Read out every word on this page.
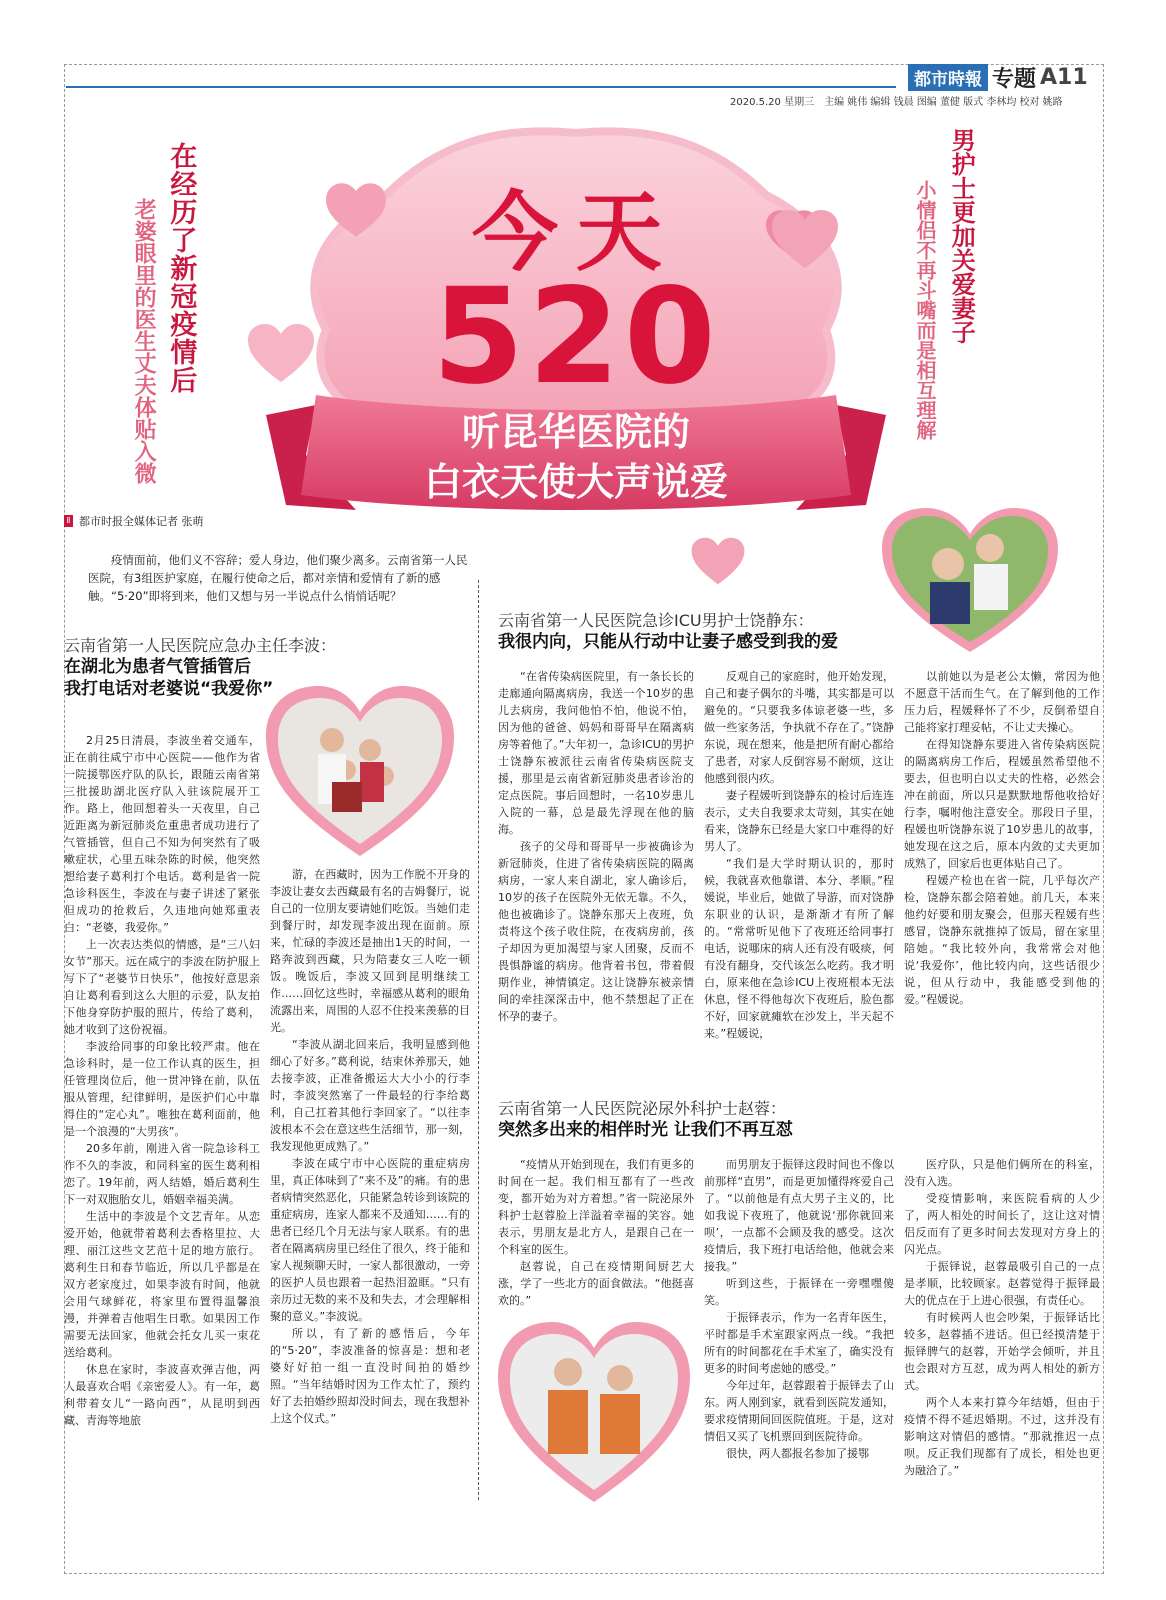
都市時報 专题 A11
2020.5.20 星期三　主编 姚伟 编辑 钱晨 图编 董健 版式 李林均 校对 姚路
在经历了新冠疫情后
老婆眼里的医生丈夫体贴入微	男护士更加关爱妻子
小情侣不再斗嘴而是相互理解
今天
520
听昆华医院的
白衣天使大声说爱
Ⅱ 都市时报全媒体记者 张萌
疫情面前，他们义不容辞；爱人身边，他们聚少离多。云南省第一人民医院，有3组医护家庭，在履行使命之后，都对亲情和爱情有了新的感触。“5·20”即将到来，他们又想与另一半说点什么悄悄话呢？
云南省第一人民医院应急办主任李波：
在湖北为患者气管插管后
我打电话对老婆说“我爱你”

2月25日清晨，李波坐着交通车，正在前往咸宁市中心医院——他作为省一院援鄂医疗队的队长，跟随云南省第三批援助湖北医疗队入驻该院展开工作。路上，他回想着头一天夜里，自己近距离为新冠肺炎危重患者成功进行了气管插管，但自己不知为何突然有了吸嗽症状，心里五味杂陈的时候，他突然想给妻子葛利打个电话。葛利是省一院急诊科医生，李波在与妻子讲述了紧张但成功的抢救后，久违地向她郑重表白：“老婆，我爱你。”

上一次表达类似的情感，是“三八妇女节”那天。远在咸宁的李波在防护服上写下了“老婆节日快乐”，他按好意思亲自让葛利看到这么大胆的示爱，队友拍下他身穿防护服的照片，传给了葛利，她才收到了这份祝福。

李波给同事的印象比较严肃。他在急诊科时，是一位工作认真的医生，担任管理岗位后，他一贯冲锋在前，队伍服从管理，纪律鲜明，是医护们心中靠得住的“定心丸”。唯独在葛利面前，他是一个浪漫的“大男孩”。

20多年前，刚进入省一院急诊科工作不久的李波，和同科室的医生葛利相恋了。19年前，两人结婚，婚后葛利生下一对双胞胎女儿，婚姻幸福美满。

生活中的李波是个文艺青年。从恋爱开始，他就带着葛利去香格里拉、大理、丽江这些文艺范十足的地方旅行。葛利生日和春节临近，所以几乎都是在双方老家度过，如果李波有时间，他就会用气球鲜花，将家里布置得温馨浪漫，并弹着吉他唱生日歌。如果因工作需要无法回家，他就会托女儿买一束花送给葛利。

休息在家时，李波喜欢弹吉他，两人最喜欢合唱《亲密爱人》。有一年，葛利带着女儿“一路向西”，从昆明到西藏、青海等地旅

游，在西藏时，因为工作脱不开身的李波让妻女去西藏最有名的吉姆餐厅，说自己的一位朋友要请她们吃饭。当她们走到餐厅时，却发现李波出现在面前。原来，忙碌的李波还是抽出1天的时间，一路奔波到西藏，只为陪妻女三人吃一顿饭。晚饭后，李波又回到昆明继续工作……回忆这些时，幸福感从葛利的眼角流露出来，周围的人忍不住投来羡慕的目光。

“李波从湖北回来后，我明显感到他细心了好多。”葛利说，结束休养那天，她去接李波，正准备搬运大大小小的行李时，李波突然塞了一件最轻的行李给葛利，自己扛着其他行李回家了。“以往李波根本不会在意这些生活细节，那一刻，我发现他更成熟了。”

李波在咸宁市中心医院的重症病房里，真正体味到了“来不及”的痛。有的患者病情突然恶化，只能紧急转诊到该院的重症病房，连家人都来不及通知……有的患者已经几个月无法与家人联系。有的患者在隔离病房里已经住了很久，终于能和家人视频聊天时，一家人都很激动，一旁的医护人员也跟着一起热泪盈眶。“只有亲历过无数的来不及和失去，才会理解相聚的意义。”李波说。

所以，有了新的感悟后，今年的“5·20”，李波准备的惊喜是：想和老婆好好拍一组一直没时间拍的婚纱照。“当年结婚时因为工作太忙了，预约好了去拍婚纱照却没时间去，现在我想补上这个仪式。”

云南省第一人民医院急诊ICU男护士饶静东：
我很内向，只能从行动中让妻子感受到我的爱

“在省传染病医院里，有一条长长的走廊通向隔离病房，我送一个10岁的患儿去病房，我问他怕不怕，他说不怕，因为他的爸爸、妈妈和哥哥早在隔离病房等着他了。”大年初一，急诊ICU的男护士饶静东被派往云南省传染病医院支援，那里是云南省新冠肺炎患者诊治的定点医院。事后回想时，一名10岁患儿入院的一幕，总是最先浮现在他的脑海。

孩子的父母和哥哥早一步被确诊为新冠肺炎，住进了省传染病医院的隔离病房，一家人来自湖北，家人确诊后，10岁的孩子在医院外无依无靠。不久，他也被确诊了。饶静东那天上夜班，负责将这个孩子收住院，在夜病房前，孩子却因为更加渴望与家人团聚，反而不畏惧静谧的病房。他背着书包，带着假期作业，神情镇定。这让饶静东被亲情间的牵挂深深击中，他不禁想起了正在怀孕的妻子。

反观自己的家庭时，他开始发现，自己和妻子偶尔的斗嘴，其实都是可以避免的。“只要我多体谅老婆一些，多做一些家务活，争执就不存在了。”饶静东说，现在想来，他是把所有耐心都给了患者，对家人反倒容易不耐烦，这让他感到很内疚。

妻子程媛听到饶静东的检讨后连连表示，丈夫自我要求太苛刻，其实在她看来，饶静东已经是大家口中难得的好男人了。

“我们是大学时期认识的，那时候，我就喜欢他靠谱、本分、孝顺。”程媛说，毕业后，她做了导游，而对饶静东职业的认识，是渐渐才有所了解的。“常常听见他下了夜班还给同事打电话，说哪床的病人还有没有吸痰，何有没有翻身，交代该怎么吃药。我才明白，原来他在急诊ICU上夜班根本无法休息，怪不得他每次下夜班后，脸色都不好，回家就瘫软在沙发上，半天起不来。”程媛说，

以前她以为是老公太懒，常因为他不愿意干活而生气。在了解到他的工作压力后，程媛释怀了不少，反倒希望自己能将家打理妥帖，不让丈夫操心。

在得知饶静东要进入省传染病医院的隔离病房工作后，程媛虽然希望他不要去，但也明白以丈夫的性格，必然会冲在前面，所以只是默默地帮他收拾好行李，嘱咐他注意安全。那段日子里，程媛也听饶静东说了10岁患儿的故事，她发现在这之后，原本内敛的丈夫更加成熟了，回家后也更体贴自己了。

程媛产检也在省一院，几乎每次产检，饶静东都会陪着她。前几天，本来他约好要和朋友聚会，但那天程媛有些感冒，饶静东就推掉了饭局，留在家里陪她。“我比较外向，我常常会对他说‘我爱你’，他比较内向，这些话很少说，但从行动中，我能感受到他的爱。”程媛说。

云南省第一人民医院泌尿外科护士赵蓉：
突然多出来的相伴时光 让我们不再互怼

“疫情从开始到现在，我们有更多的时间在一起。我们相互都有了一些改变，都开始为对方着想。”省一院泌尿外科护士赵蓉脸上洋溢着幸福的笑容。她表示，男朋友是北方人，是跟自己在一个科室的医生。

赵蓉说，自己在疫情期间厨艺大涨，学了一些北方的面食做法。“他挺喜欢的。”

而男朋友于振铎这段时间也不像以前那样“直男”，而是更加懂得疼爱自己了。“以前他是有点大男子主义的，比如我说下夜班了，他就说‘那你就回来呗’，一点都不会顾及我的感受。这次疫情后，我下班打电话给他，他就会来接我。”

听到这些，于振铎在一旁嘿嘿傻笑。

于振铎表示，作为一名青年医生，平时都是手术室跟家两点一线。“我把所有的时间都花在手术室了，确实没有更多的时间考虑她的感受。”

今年过年，赵蓉跟着于振铎去了山东。两人刚到家，就看到医院发通知，要求疫情期间回医院值班。于是，这对情侣又买了飞机票回到医院待命。

很快，两人都报名参加了援鄂

医疗队，只是他们俩所在的科室，没有入选。

受疫情影响，来医院看病的人少了，两人相处的时间长了，这让这对情侣反而有了更多时间去发现对方身上的闪光点。

于振铎说，赵蓉最吸引自己的一点是孝顺，比较顾家。赵蓉觉得于振铎最大的优点在于上进心很强，有责任心。

有时候两人也会吵架，于振铎话比较多，赵蓉插不进话。但已经摸清楚于振铎脾气的赵蓉，开始学会倾听，并且也会跟对方互怼，成为两人相处的新方式。

两个人本来打算今年结婚，但由于疫情不得不延迟婚期。不过，这并没有影响这对情侣的感情。“那就推迟一点呗。反正我们现都有了成长，相处也更为融洽了。”
